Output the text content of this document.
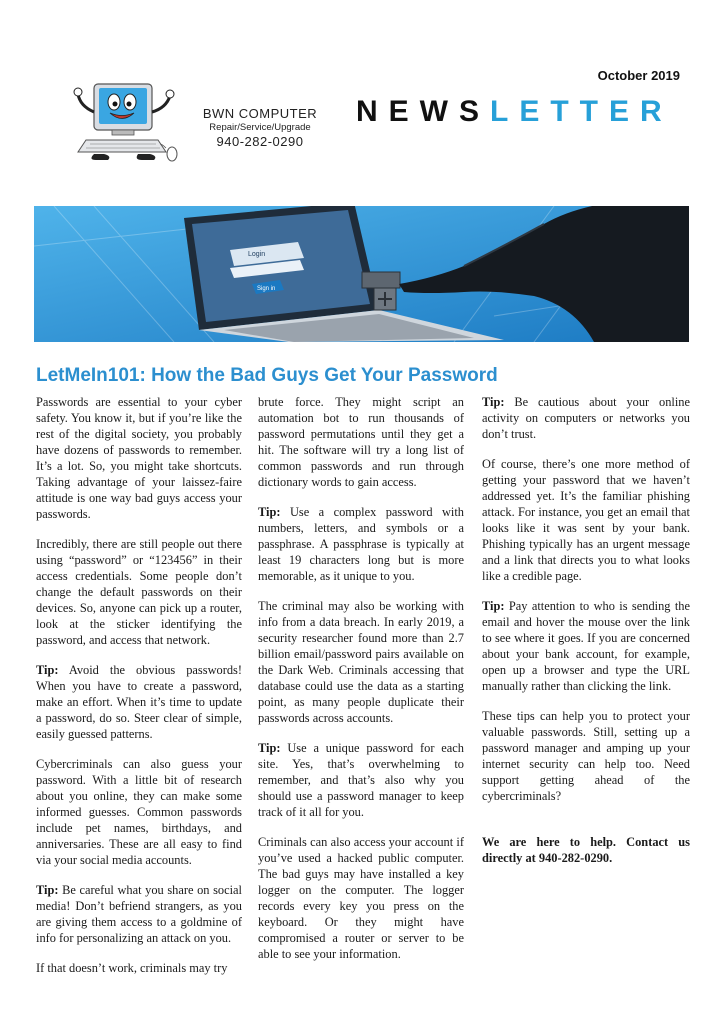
October 2019
BWN COMPUTER
Repair/Service/Upgrade
940-282-0290
NEWSLETTER
Login
Sign in
LetMeIn101: How the Bad Guys Get Your Password

Passwords are essential to your cyber safety. You know it, but if you’re like the rest of the digital society, you probably have dozens of passwords to remember. It’s a lot. So, you might take shortcuts. Taking advantage of your laissez-faire attitude is one way bad guys access your passwords.

Incredibly, there are still people out there using “password” or “123456” in their access credentials. Some people don’t change the default passwords on their devices. So, anyone can pick up a router, look at the sticker identifying the password, and access that network.

Tip: Avoid the obvious passwords! When you have to create a password, make an effort. When it’s time to update a password, do so. Steer clear of simple, easily guessed patterns.

Cybercriminals can also guess your password. With a little bit of research about you online, they can make some informed guesses. Common passwords include pet names, birthdays, and anniversaries. These are all easy to find via your social media accounts.

Tip: Be careful what you share on social media! Don’t befriend strangers, as you are giving them access to a goldmine of info for personalizing an attack on you.

If that doesn’t work, criminals may try

brute force. They might script an automation bot to run thousands of password permutations until they get a hit. The software will try a long list of common passwords and run through dictionary words to gain access.

Tip: Use a complex password with numbers, letters, and symbols or a passphrase. A passphrase is typically at least 19 characters long but is more memorable, as it unique to you.

The criminal may also be working with info from a data breach. In early 2019, a security researcher found more than 2.7 billion email/password pairs available on the Dark Web. Criminals accessing that database could use the data as a starting point, as many people duplicate their passwords across accounts.

Tip: Use a unique password for each site. Yes, that’s overwhelming to remember, and that’s also why you should use a password manager to keep track of it all for you.

Criminals can also access your account if you’ve used a hacked public computer. The bad guys may have installed a key logger on the computer. The logger records every key you press on the keyboard. Or they might have compromised a router or server to be able to see your information.

Tip: Be cautious about your online activity on computers or networks you don’t trust.

Of course, there’s one more method of getting your password that we haven’t addressed yet. It’s the familiar phishing attack. For instance, you get an email that looks like it was sent by your bank. Phishing typically has an urgent message and a link that directs you to what looks like a credible page.

Tip: Pay attention to who is sending the email and hover the mouse over the link to see where it goes. If you are concerned about your bank account, for example, open up a browser and type the URL manually rather than clicking the link.

These tips can help you to protect your valuable passwords. Still, setting up a password manager and amping up your internet security can help too. Need support getting ahead of the cybercriminals?

We are here to help. Contact us directly at 940-282-0290.
